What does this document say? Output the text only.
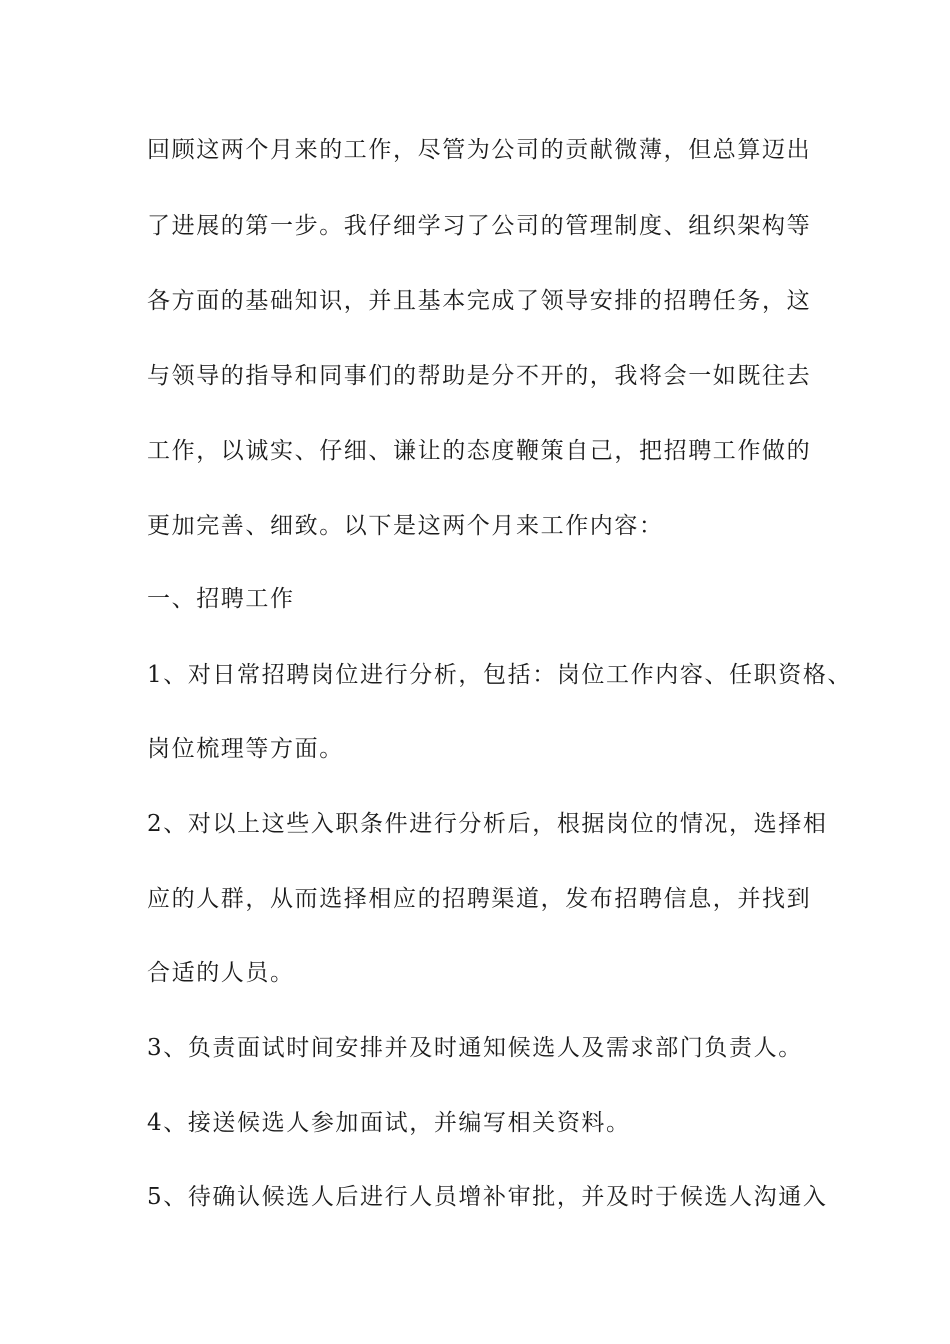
回顾这两个月来的工作，尽管为公司的贡献微薄，但总算迈出
了进展的第一步。我仔细学习了公司的管理制度、组织架构等
各方面的基础知识，并且基本完成了领导安排的招聘任务，这
与领导的指导和同事们的帮助是分不开的，我将会一如既往去
工作，以诚实、仔细、谦让的态度鞭策自己，把招聘工作做的
更加完善、细致。以下是这两个月来工作内容：
一、招聘工作
1、对日常招聘岗位进行分析，包括：岗位工作内容、任职资格、
岗位梳理等方面。
2、对以上这些入职条件进行分析后，根据岗位的情况，选择相
应的人群，从而选择相应的招聘渠道，发布招聘信息，并找到
合适的人员。
3、负责面试时间安排并及时通知候选人及需求部门负责人。
4、接送候选人参加面试，并编写相关资料。
5、待确认候选人后进行人员增补审批，并及时于候选人沟通入
